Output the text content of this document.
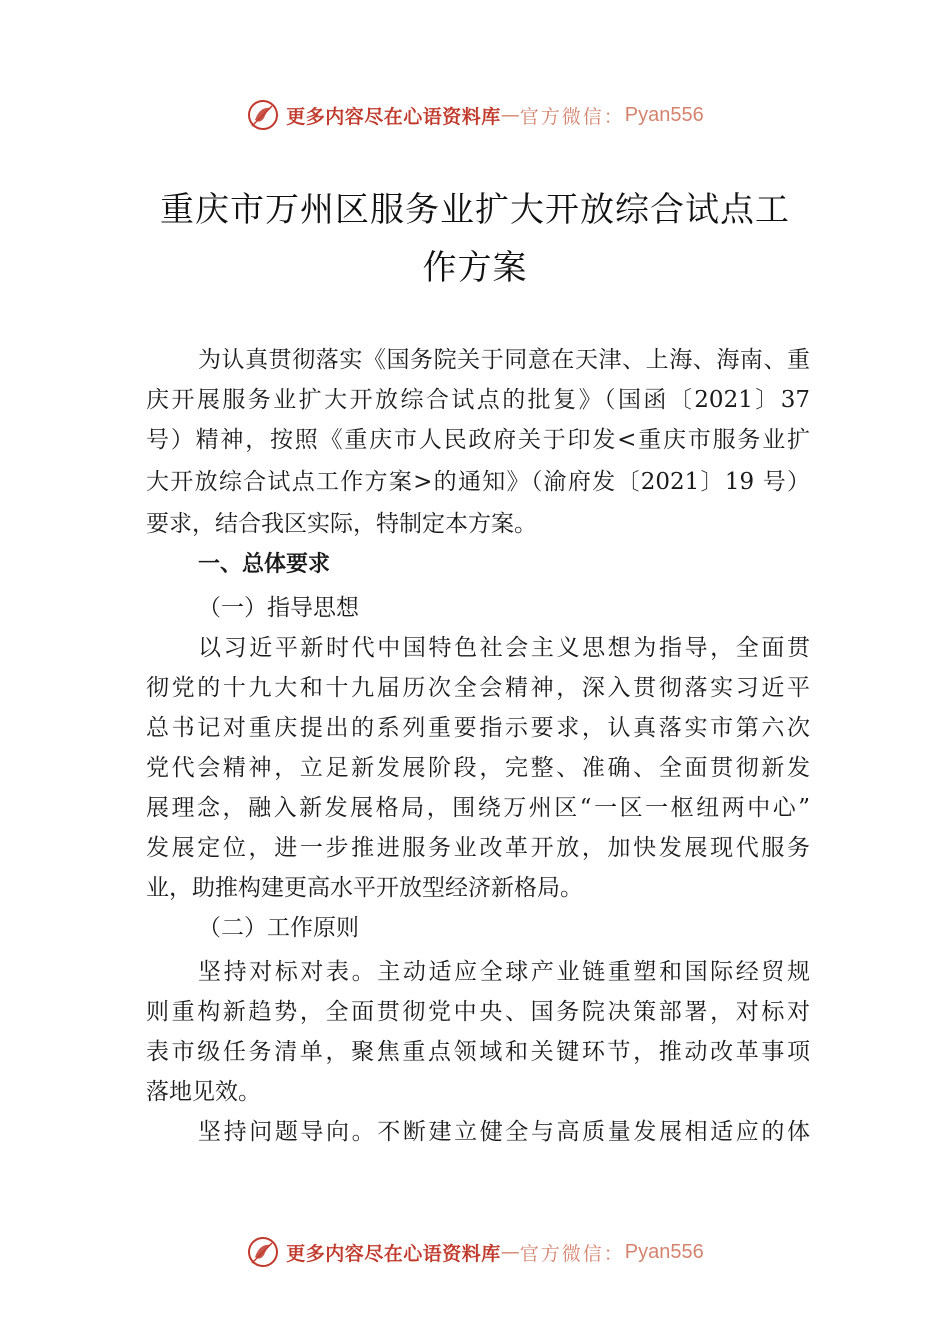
更多内容尽在心语资料库 — 官方微信： Pyan556
重庆市万州区服务业扩大开放综合试点工
作方案
为认真贯彻落实《国务院关于同意在天津、上海、海南、重
庆开展服务业扩大开放综合试点的批复》（国函〔2021〕37
号）精神，按照《重庆市人民政府关于印发<重庆市服务业扩
大开放综合试点工作方案>的通知》（渝府发〔2021〕19 号）
要求，结合我区实际，特制定本方案。
一、总体要求
（一）指导思想
以习近平新时代中国特色社会主义思想为指导，全面贯
彻党的十九大和十九届历次全会精神，深入贯彻落实习近平
总书记对重庆提出的系列重要指示要求，认真落实市第六次
党代会精神，立足新发展阶段，完整、准确、全面贯彻新发
展理念，融入新发展格局，围绕万州区“一区一枢纽两中心”
发展定位，进一步推进服务业改革开放，加快发展现代服务
业，助推构建更高水平开放型经济新格局。
（二）工作原则
坚持对标对表。主动适应全球产业链重塑和国际经贸规
则重构新趋势，全面贯彻党中央、国务院决策部署，对标对
表市级任务清单，聚焦重点领域和关键环节，推动改革事项
落地见效。
坚持问题导向。不断建立健全与高质量发展相适应的体
更多内容尽在心语资料库 — 官方微信： Pyan556
